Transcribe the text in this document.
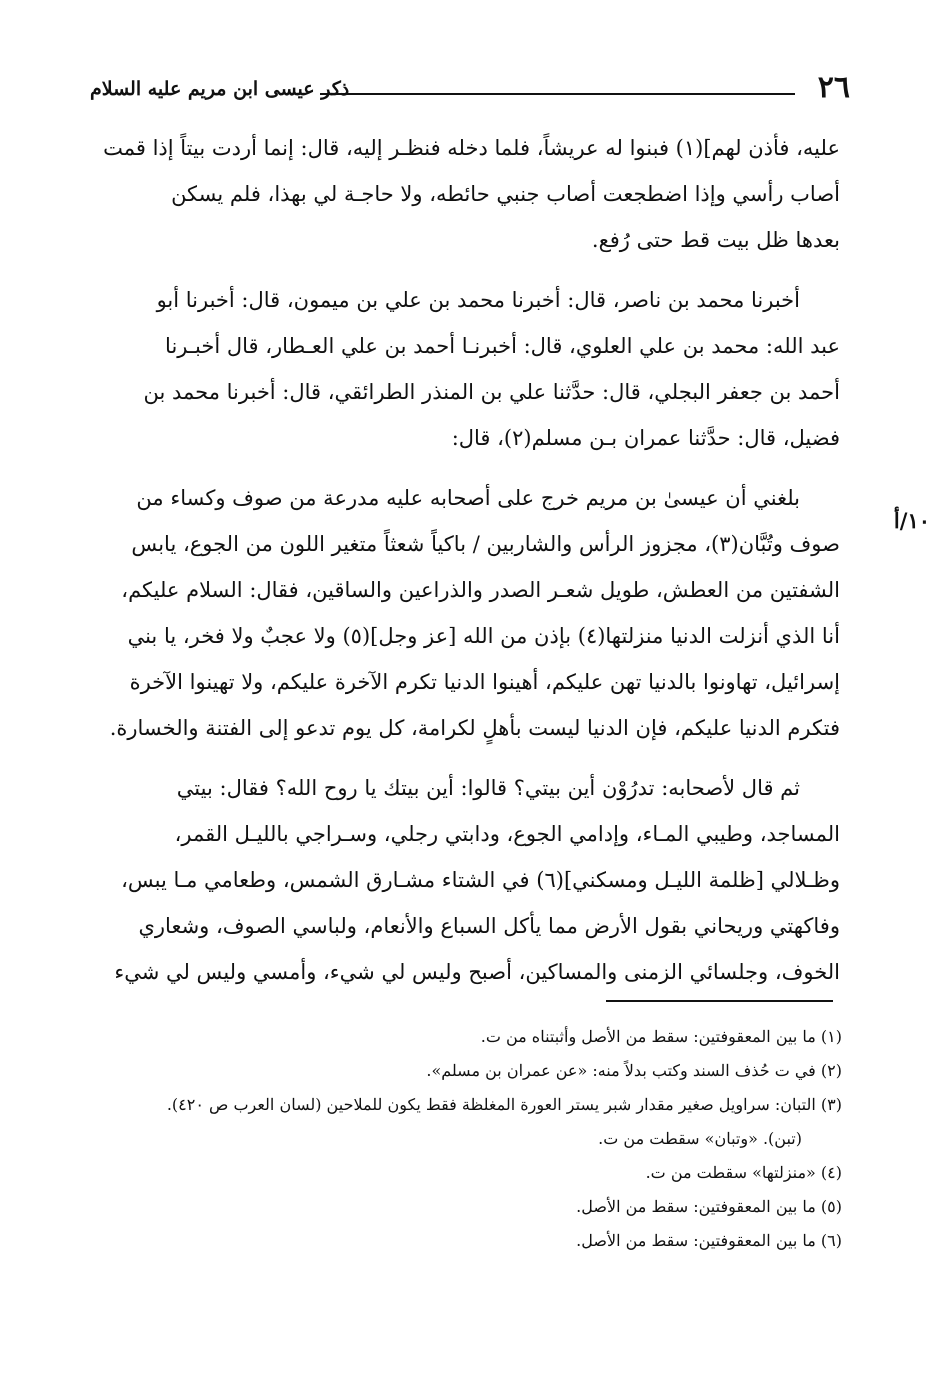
٢٦
ذكر عيسى ابن مريم عليه السلام
١٠/أ
عليه، فأذن لهم](١) فبنوا له عريشاً، فلما دخله فنظـر إليه، قال: إنما أردت بيتاً إذا قمت
أصاب رأسي وإذا اضطجعت أصاب جنبي حائطه، ولا حاجـة لي بهذا، فلم يسكن
بعدها ظل بيت قط حتى رُفع.
أخبرنا محمد بن ناصر، قال: أخبرنا محمد بن علي بن ميمون، قال: أخبرنا أبو
عبد الله: محمد بن علي العلوي، قال: أخبرنـا أحمد بن علي العـطار، قال أخبـرنا
أحمد بن جعفر البجلي، قال: حدَّثنا علي بن المنذر الطرائقي، قال: أخبرنا محمد بن
فضيل، قال: حدَّثنا عمران بـن مسلم(٢)، قال:
بلغني أن عيسىٰ بن مريم خرج على أصحابه عليه مدرعة من صوف وكساء من
صوف وتُبَّان(٣)، مجزوز الرأس والشاربين / باكياً شعثاً متغير اللون من الجوع، يابس
الشفتين من العطش، طويل شعـر الصدر والذراعين والساقين، فقال: السلام عليكم،
أنا الذي أنزلت الدنيا منزلتها(٤) بإذن من الله [عز وجل](٥) ولا عجبٌ ولا فخر، يا بني
إسرائيل، تهاونوا بالدنيا تهن عليكم، أهينوا الدنيا تكرم الآخرة عليكم، ولا تهينوا الآخرة
فتكرم الدنيا عليكم، فإن الدنيا ليست بأهلٍ لكرامة، كل يوم تدعو إلى الفتنة والخسارة.
ثم قال لأصحابه: تدرُوْن أين بيتي؟ قالوا: أين بيتك يا روح الله؟ فقال: بيتي
المساجد، وطيبي المـاء، وإدامي الجوع، ودابتي رجلي، وسـراجي بالليـل القمر،
وظـلالي [ظلمة الليـل ومسكني](٦) في الشتاء مشـارق الشمس، وطعامي مـا يبس،
وفاكهتي وريحاني بقول الأرض مما يأكل السباع والأنعام، ولباسي الصوف، وشعاري
الخوف، وجلسائي الزمنى والمساكين، أصبح وليس لي شيء، وأمسي وليس لي شيء

(١) ما بين المعقوفتين: سقط من الأصل وأثبتناه من ت.

(٢) في ت حُذف السند وكتب بدلاً منه: «عن عمران بن مسلم».

(٣) التبان: سراويل صغير مقدار شبر يستر العورة المغلظة فقط يكون للملاحين (لسان العرب ص ٤٢٠).

(تبن). «وتبان» سقطت من ت.

(٤) «منزلتها» سقطت من ت.

(٥) ما بين المعقوفتين: سقط من الأصل.

(٦) ما بين المعقوفتين: سقط من الأصل.
